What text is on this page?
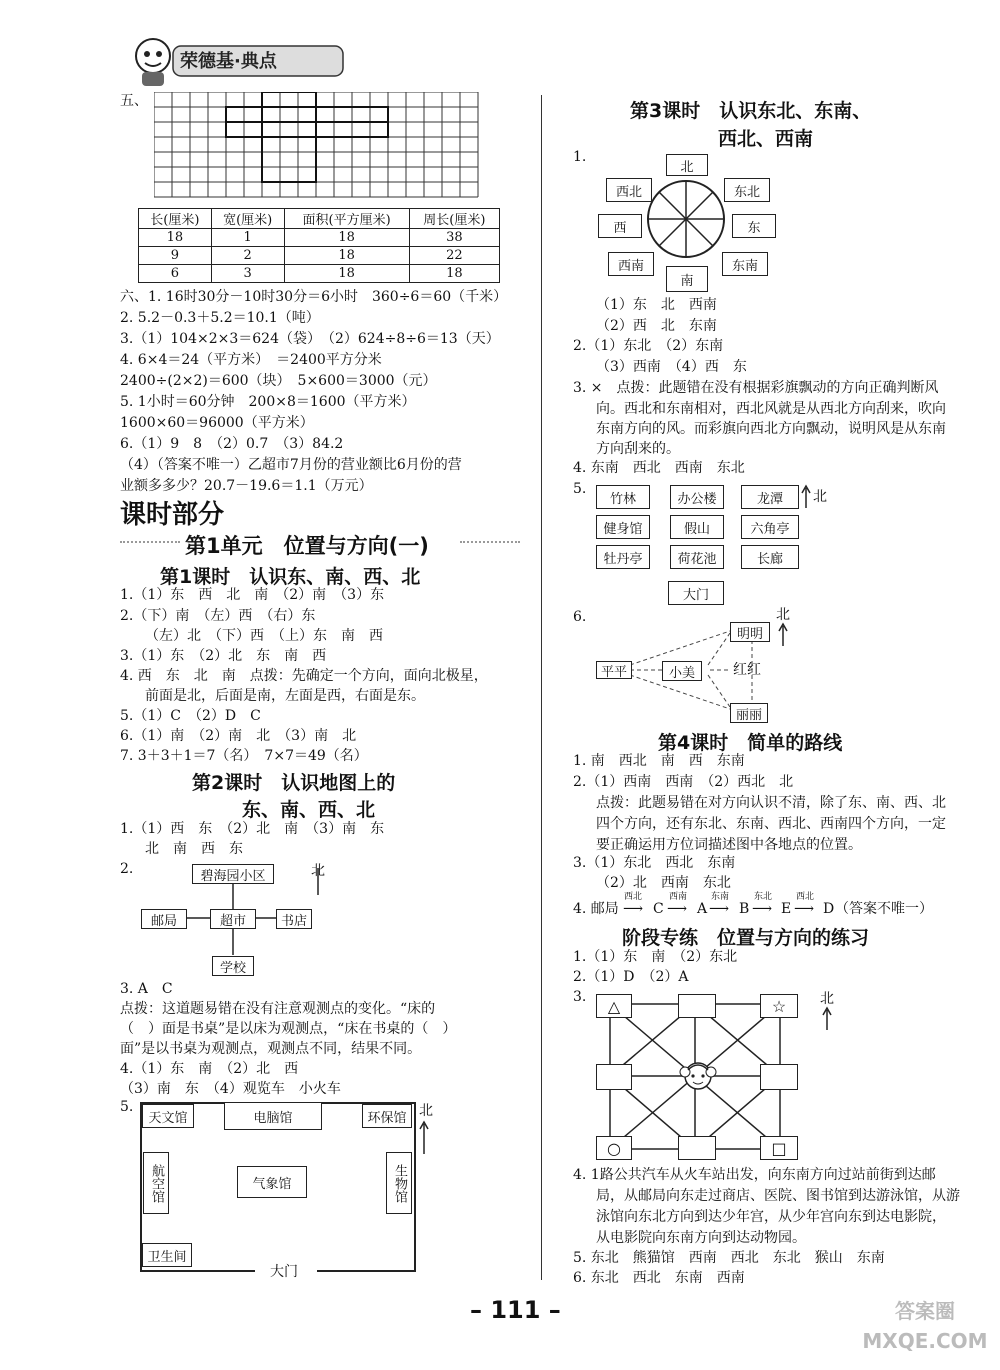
荣德基·典点
五、
长(厘米)	宽(厘米)	面积(平方厘米)	周长(厘米)
18	1	18	38
9	2	18	22
6	3	18	18
六、1. 16时30分－10时30分＝6小时　360÷6＝60（千米）
2. 5.2－0.3＋5.2＝10.1（吨）
3.（1）104×2×3＝624（袋）　（2）624÷8÷6＝13（天）
4. 6×4＝24（平方米）　＝2400平方分米
2400÷(2×2)＝600（块）　5×600＝3000（元）
5. 1小时＝60分钟　200×8＝1600（平方米）
1600×60＝96000（平方米）
6.（1）9　8　（2）0.7　（3）84.2
（4）（答案不唯一）乙超市7月份的营业额比6月份的营
业额多多少？20.7－19.6＝1.1（万元）
课时部分
第1单元　位置与方向(一)
第1课时　认识东、南、西、北
1.（1）东　西　北　南　（2）南　（3）东
2.（下）南　（左）西　（右）东
（左）北　（下）西　（上）东　南　西
3.（1）东　（2）北　东　南　西
4. 西　东　北　南　点拨：先确定一个方向，面向北极星，
前面是北，后面是南，左面是西，右面是东。
5.（1）C　（2）D　C
6.（1）南　（2）南　北　（3）南　北
7. 3＋3＋1＝7（名）　7×7＝49（名）
第2课时　认识地图上的
东、南、西、北
1.（1）西　东　（2）北　南　（3）南　东
北　南　西　东
2.	碧海园小区
邮局	超市	书店
学校
北
3. A　C
点拨：这道题易错在没有注意观测点的变化。“床的
（　）面是书桌”是以床为观测点，“床在书桌的（　）
面”是以书桌为观测点，观测点不同，结果不同。
4.（1）东　南　（2）北　西
（3）南　东　（4）观览车　小火车
5.
天文馆	电脑馆	环保馆
航空馆	气象馆	生物馆
卫生间
大门
北
第3课时　认识东北、东南、
西北、西南
1.
北
西北	东北
西	东
西南	东南
南
（1）东　北　西南
（2）西　北　东南
2.（1）东北　（2）东南
（3）西南　（4）西　东
3. ×　点拨：此题错在没有根据彩旗飘动的方向正确判断风
向。西北和东南相对，西北风就是从西北方向刮来，吹向
东南方向的风。而彩旗向西北方向飘动，说明风是从东南
方向刮来的。
4. 东南　西北　西南　东北
5.
竹林	办公楼	龙潭
健身馆	假山	六角亭
牡丹亭	荷花池	长廊
大门
北
6.
明明
平平	小美	红红
丽丽
北
第4课时　简单的路线
1. 南　西北　南　西　东南
2.（1）西南　西南　（2）西北　北
点拨：此题易错在对方向认识不清，除了东、南、西、北
四个方向，还有东北、东南、西北、西南四个方向，一定
要正确运用方位词描述图中各地点的位置。
3.（1）东北　西北　东南
（2）北　西南　东北
4. 邮局
西北
⟶ C
西南
⟶ A
东南
⟶ B
东北
⟶ E
西北
⟶ D （答案不唯一）
阶段专练　位置与方向的练习
1.（1）东　南　（2）东北
2.（1）D　（2）A
3.	△	☆
○	□
北
4. 1路公共汽车从火车站出发，向东南方向过站前街到达邮
局，从邮局向东走过商店、医院、图书馆到达游泳馆，从游
泳馆向东北方向到达少年宫，从少年宫向东到达电影院，
从电影院向东南方向到达动物园。
5. 东北　熊猫馆　西南　西北　东北　猴山　东南
6. 东北　西北　东南　西南
– 111 –	答案圈 MXQE.COM
